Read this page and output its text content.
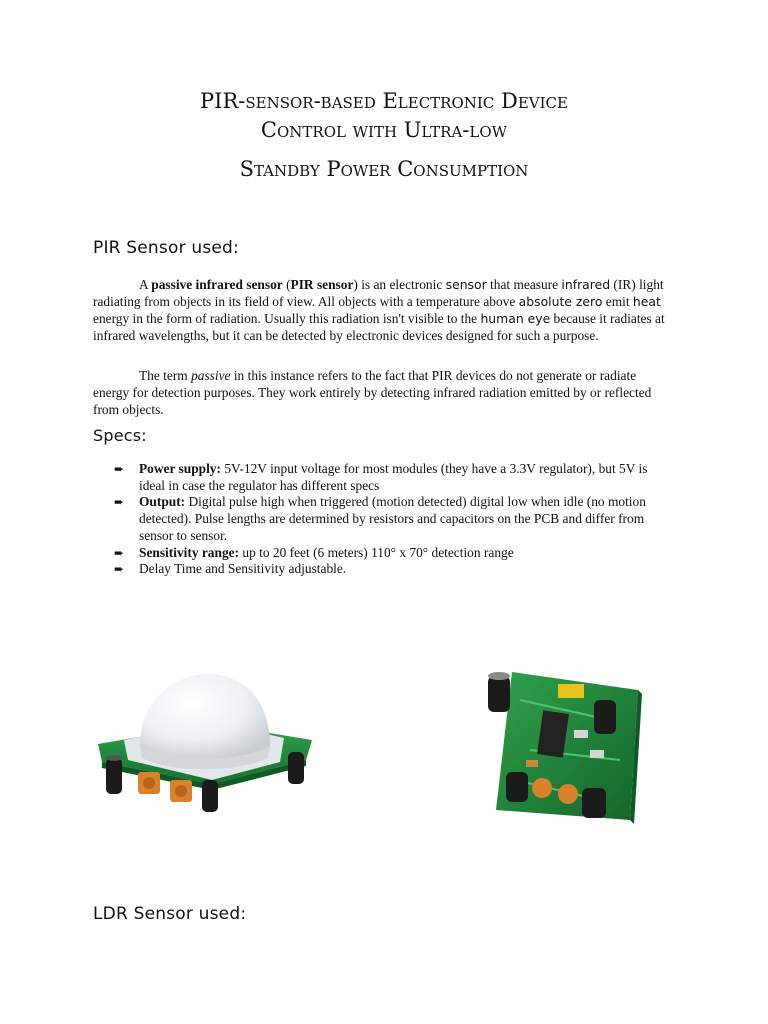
PIR-sensor-based Electronic Device
Control with Ultra-low
Standby Power Consumption
PIR Sensor used:

A passive infrared sensor (PIR sensor) is an electronic sensor that measure infrared (IR) light radiating from objects in its field of view. All objects with a temperature above absolute zero emit heat energy in the form of radiation. Usually this radiation isn't visible to the human eye because it radiates at infrared wavelengths, but it can be detected by electronic devices designed for such a purpose.

The term passive in this instance refers to the fact that PIR devices do not generate or radiate energy for detection purposes. They work entirely by detecting infrared radiation emitted by or reflected from objects.

Specs:
➨	Power supply: 5V-12V input voltage for most modules (they have a 3.3V regulator), but 5V is ideal in case the regulator has different specs
➨	Output: Digital pulse high when triggered (motion detected) digital low when idle (no motion detected). Pulse lengths are determined by resistors and capacitors on the PCB and differ from sensor to sensor.
➨	Sensitivity range: up to 20 feet (6 meters) 110° x 70° detection range
➨	Delay Time and Sensitivity adjustable.
LDR Sensor used:
